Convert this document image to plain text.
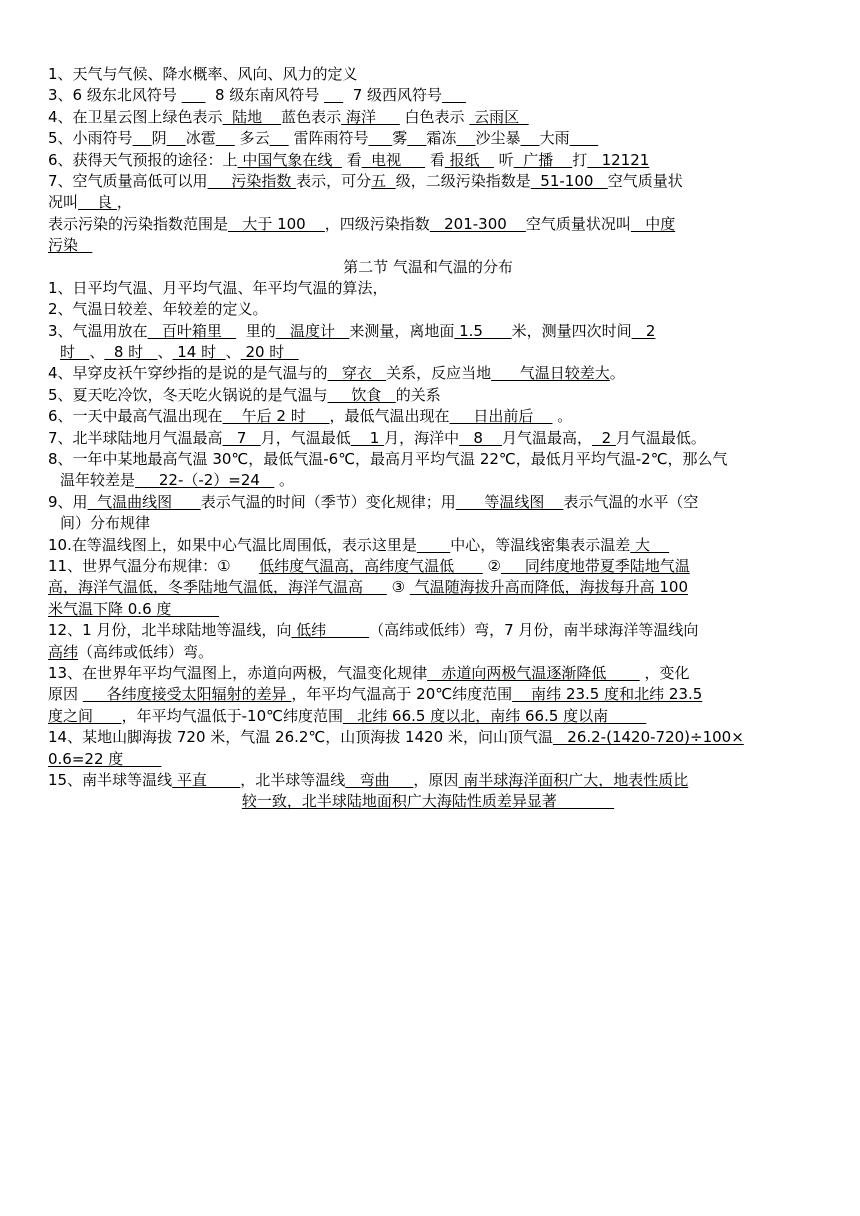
1、天气与气候、降水概率、风向、风力的定义
3、6 级东北风符号        8 级东南风符号       7 级西风符号
4、在卫星云图上绿色表示  陆地    蓝色表示 海洋      白色表示  云雨区
5、小雨符号 阴 冰雹     多云     雷阵雨符号 雾 霜冻 沙尘暴 大雨
6、获得天气预报的途径：上 中国气象在线   看  电视      看 报纸    听  广播    打   12121
7、空气质量高低可以用     污染指数 表示，可分五  级，二级污染指数是  51-100   空气质量状
况叫    良 ，
表示污染的污染指数范围是   大于 100    ，四级污染指数   201-300    空气质量状况叫   中度
污染
第二节 气温和气温的分布
1、日平均气温、月平均气温、年平均气温的算法，
2、气温日较差、年较差的定义。
3、气温用放在   百叶箱里     里的   温度计   来测量，离地面 1.5      米，测量四次时间   2
时   、  8 时   、 14 时  、 20 时
4、早穿皮袄午穿纱指的是说的是气温与的   穿衣   关系，反应当地      气温日较差大。
5、夏天吃冷饮，冬天吃火锅说的是气温与     饮食   的关系
6、一天中最高气温出现在    午后 2 时     ，最低气温出现在     日出前后     。
7、北半球陆地月气温最高   7   月，气温最低    1 月，海洋中   8    月气温最高，  2 月气温最低。
8、一年中某地最高气温 30℃，最低气温-6℃，最高月平均气温 22℃，最低月平均气温-2℃，那么气
温年较差是     22-（-2）=24    。
9、用  气温曲线图      表示气温的时间（季节）变化规律；用      等温线图    表示气温的水平（空
间）分布规律
10.在等温线图上，如果中心气温比周围低，表示这里是 中心，等温线密集表示温差 大
11、世界气温分布规律：①      低纬度气温高，高纬度气温低       ②     同纬度地带夏季陆地气温
高，海洋气温低，冬季陆地气温低，海洋气温高      ③  气温随海拔升高而降低，海拔每升高 100
米气温下降 0.6 度
12、1 月份，北半球陆地等温线，向 低纬         （高纬或低纬）弯，7 月份，南半球海洋等温线向
高纬（高纬或低纬）弯。
13、在世界年平均气温图上，赤道向两极，气温变化规律   赤道向两极气温逐渐降低        ，变化
原因      各纬度接受太阳辐射的差异 ，年平均气温高于 20℃纬度范围    南纬 23.5 度和北纬 23.5
度之间      ，年平均气温低于-10℃纬度范围   北纬 66.5 度以北，南纬 66.5 度以南
14、某地山脚海拔 720 米，气温 26.2℃，山顶海拔 1420 米，问山顶气温   26.2-(1420-720)÷100×
0.6=22 度
15、南半球等温线 平直       ，北半球等温线   弯曲     ，原因 南半球海洋面积广大，地表性质比
较一致，北半球陆地面积广大海陆性质差异显著
